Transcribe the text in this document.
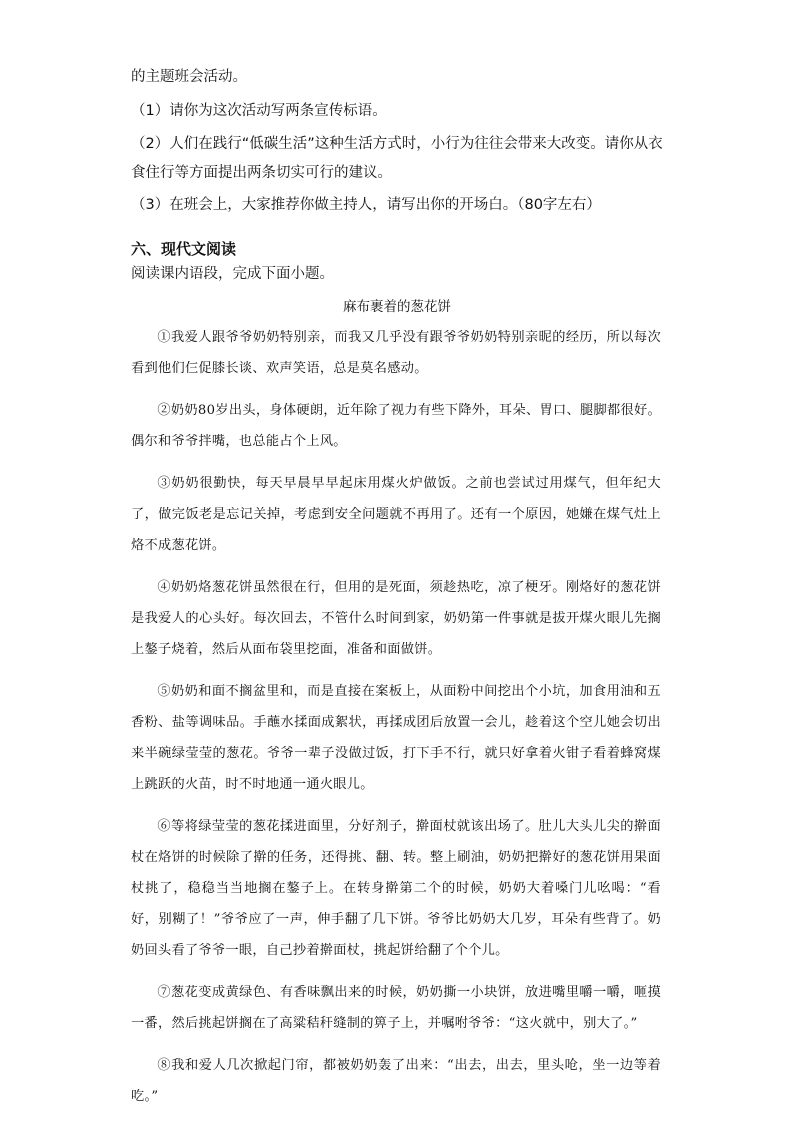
的主题班会活动。
（1）请你为这次活动写两条宣传标语。
（2）人们在践行“低碳生活”这种生活方式时，小行为往往会带来大改变。请你从衣
食住行等方面提出两条切实可行的建议。
（3）在班会上，大家推荐你做主持人，请写出你的开场白。（80字左右）
六、现代文阅读
阅读课内语段，完成下面小题。
麻布裹着的葱花饼

①我爱人跟爷爷奶奶特别亲，而我又几乎没有跟爷爷奶奶特别亲昵的经历，所以每次看到他们仨促膝长谈、欢声笑语，总是莫名感动。

②奶奶80岁出头，身体硬朗，近年除了视力有些下降外，耳朵、胃口、腿脚都很好。偶尔和爷爷拌嘴，也总能占个上风。

③奶奶很勤快，每天早晨早早起床用煤火炉做饭。之前也尝试过用煤气，但年纪大了，做完饭老是忘记关掉，考虑到安全问题就不再用了。还有一个原因，她嫌在煤气灶上烙不成葱花饼。

④奶奶烙葱花饼虽然很在行，但用的是死面，须趁热吃，凉了梗牙。刚烙好的葱花饼是我爱人的心头好。每次回去，不管什么时间到家，奶奶第一件事就是拔开煤火眼儿先搁上鏊子烧着，然后从面布袋里挖面，准备和面做饼。

⑤奶奶和面不搁盆里和，而是直接在案板上，从面粉中间挖出个小坑，加食用油和五香粉、盐等调味品。手蘸水揉面成絮状，再揉成团后放置一会儿，趁着这个空儿她会切出来半碗绿莹莹的葱花。爷爷一辈子没做过饭，打下手不行，就只好拿着火钳子看着蜂窝煤上跳跃的火苗，时不时地通一通火眼儿。

⑥等将绿莹莹的葱花揉进面里，分好剂子，擀面杖就该出场了。肚儿大头儿尖的擀面杖在烙饼的时候除了擀的任务，还得挑、翻、转。整上刷油，奶奶把擀好的葱花饼用果面杖挑了，稳稳当当地搁在鏊子上。在转身擀第二个的时候，奶奶大着嗓门儿吆喝：“看好，别糊了！”爷爷应了一声，伸手翻了几下饼。爷爷比奶奶大几岁，耳朵有些背了。奶奶回头看了爷爷一眼，自己抄着擀面杖，挑起饼给翻了个个儿。

⑦葱花变成黄绿色、有香味飘出来的时候，奶奶撕一小块饼，放进嘴里嚼一嚼，咂摸一番，然后挑起饼搁在了高粱秸秆缝制的箅子上，并嘱咐爷爷：“这火就中，别大了。”

⑧我和爱人几次掀起门帘，都被奶奶轰了出来：“出去，出去，里头呛，坐一边等着吃。”
